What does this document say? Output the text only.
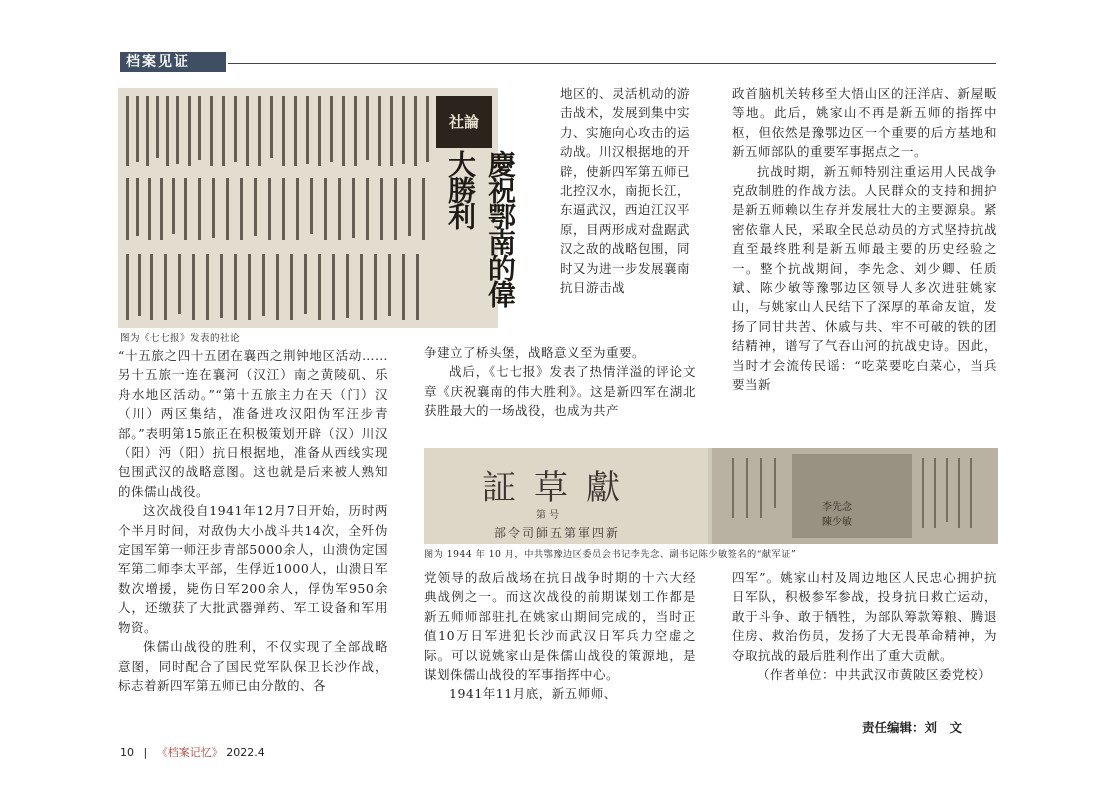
档案见证
社論
慶祝鄂南的偉大勝利
图为《七七报》发表的社论

“十五旅之四十五团在襄西之荆钟地区活动……另十五旅一连在襄河（汉江）南之黄陵矶、乐舟水地区活动。”“第十五旅主力在天（门）汉（川）两区集结，准备进攻汉阳伪军汪步青部。”表明第15旅正在积极策划开辟（汉）川汉（阳）沔（阳）抗日根据地，准备从西线实现包围武汉的战略意图。这也就是后来被人熟知的侏儒山战役。

这次战役自1941年12月7日开始，历时两个半月时间，对敌伪大小战斗共14次，全歼伪定国军第一师汪步青部5000余人，山溃伪定国军第二师李太平部，生俘近1000人，山溃日军数次增援，毙伤日军200余人，俘伪军950余人，还缴获了大批武器弹药、军工设备和军用物资。

侏儒山战役的胜利，不仅实现了全部战略意图，同时配合了国民党军队保卫长沙作战，标志着新四军第五师已由分散的、各

地区的、灵活机动的游击战术，发展到集中实力、实施向心攻击的运动战。川汉根据地的开辟，使新四军第五师已北控汉水，南扼长江，东逼武汉，西迫江汉平原，目两形成对盘踞武汉之敌的战略包围，同时又为进一步发展襄南抗日游击战

争建立了桥头堡，战略意义至为重要。

战后，《七七报》发表了热情洋溢的评论文章《庆祝襄南的伟大胜利》。这是新四军在湖北获胜最大的一场战役，也成为共产

政首脑机关转移至大悟山区的汪洋店、新屋畈等地。此后，姚家山不再是新五师的指挥中枢，但依然是豫鄂边区一个重要的后方基地和新五师部队的重要军事据点之一。

抗战时期，新五师特别注重运用人民战争克敌制胜的作战方法。人民群众的支持和拥护是新五师赖以生存并发展壮大的主要源泉。紧密依靠人民，采取全民总动员的方式坚持抗战直至最终胜利是新五师最主要的历史经验之一。整个抗战期间，李先念、刘少卿、任质斌、陈少敏等豫鄂边区领导人多次进驻姚家山，与姚家山人民结下了深厚的革命友谊，发扬了同甘共苦、休戚与共、牢不可破的铁的团结精神，谱写了气吞山河的抗战史诗。因此，当时才会流传民谣：“吃菜要吃白菜心，当兵要当新

証草獻
第 号
部令司師五第軍四新
李先念
陳少敏
图为 1944 年 10 月，中共鄂豫边区委员会书记李先念、副书记陈少敏签名的“献军证”

党领导的敌后战场在抗日战争时期的十六大经典战例之一。而这次战役的前期谋划工作都是新五师师部驻扎在姚家山期间完成的，当时正值10万日军进犯长沙而武汉日军兵力空虚之际。可以说姚家山是侏儒山战役的策源地，是谋划侏儒山战役的军事指挥中心。

1941年11月底，新五师师、

四军”。姚家山村及周边地区人民忠心拥护抗日军队，积极参军参战，投身抗日救亡运动，敢于斗争、敢于牺牲，为部队筹款筹粮、腾退住房、救治伤员，发扬了大无畏革命精神，为夺取抗战的最后胜利作出了重大贡献。

（作者单位：中共武汉市黄陂区委党校）

责任编辑：刘　文
10 | 《档案记忆》 2022.4
